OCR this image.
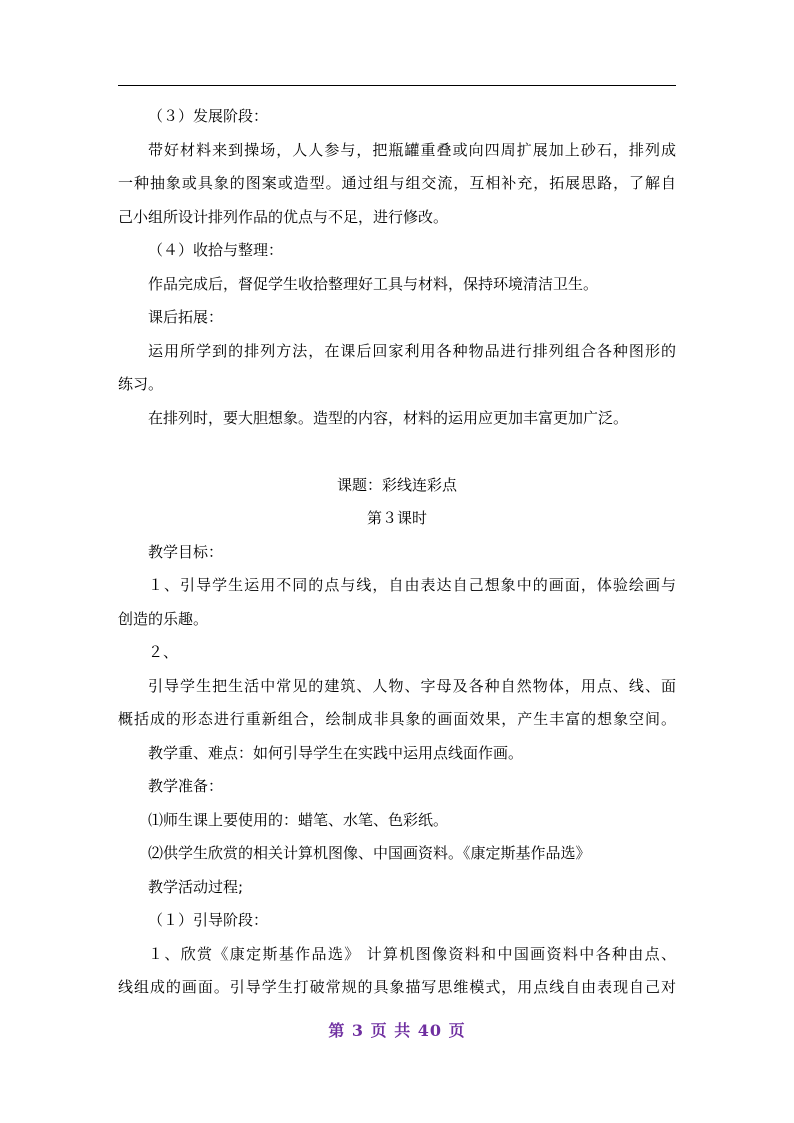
（３）发展阶段：
带好材料来到操场，人人参与，把瓶罐重叠或向四周扩展加上砂石，排列成
一种抽象或具象的图案或造型。通过组与组交流，互相补充，拓展思路，了解自
己小组所设计排列作品的优点与不足，进行修改。
（４）收拾与整理：
作品完成后，督促学生收拾整理好工具与材料，保持环境清洁卫生。
课后拓展：
运用所学到的排列方法，在课后回家利用各种物品进行排列组合各种图形的
练习。
在排列时，要大胆想象。造型的内容，材料的运用应更加丰富更加广泛。
课题：彩线连彩点
第３课时
教学目标：
１、引导学生运用不同的点与线，自由表达自己想象中的画面，体验绘画与
创造的乐趣。
２、
引导学生把生活中常见的建筑、人物、字母及各种自然物体，用点、线、面
概括成的形态进行重新组合，绘制成非具象的画面效果，产生丰富的想象空间。
教学重、难点：如何引导学生在实践中运用点线面作画。
教学准备：
⑴师生课上要使用的：蜡笔、水笔、色彩纸。
⑵供学生欣赏的相关计算机图像、中国画资料。《康定斯基作品选》
教学活动过程;
（１）引导阶段：
１、欣赏《康定斯基作品选》 计算机图像资料和中国画资料中各种由点、
线组成的画面。引导学生打破常规的具象描写思维模式，用点线自由表现自己对
第 3 页 共 40 页
